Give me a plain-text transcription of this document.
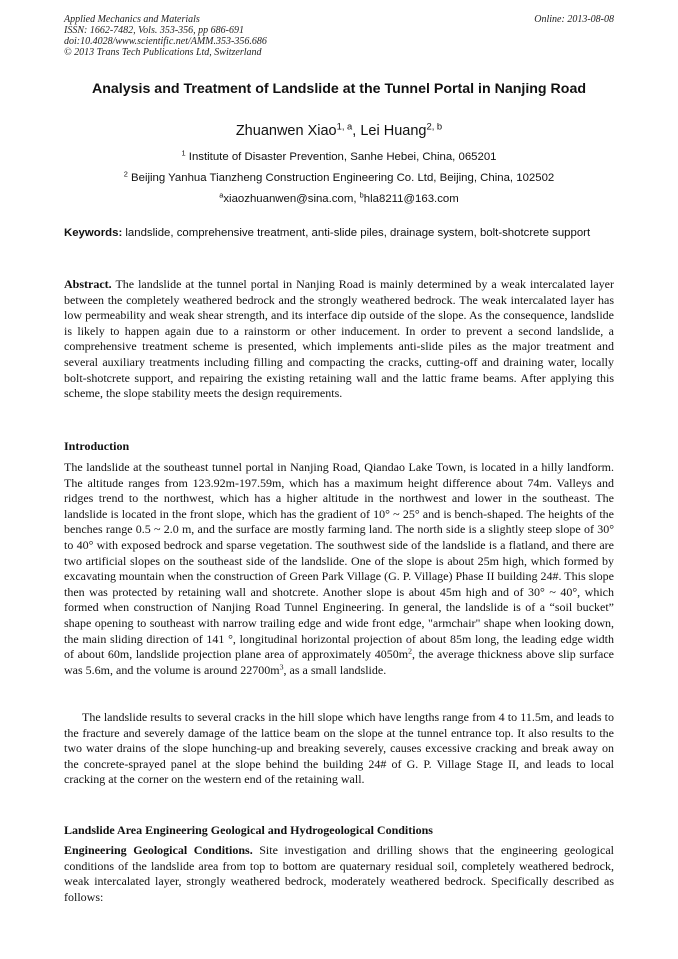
Applied Mechanics and Materials
ISSN: 1662-7482, Vols. 353-356, pp 686-691
doi:10.4028/www.scientific.net/AMM.353-356.686
© 2013 Trans Tech Publications Ltd, Switzerland
Online: 2013-08-08
Analysis and Treatment of Landslide at the Tunnel Portal in Nanjing Road
Zhuanwen Xiao$^{1, a}$, Lei Huang$^{2, b}$
$^1$ Institute of Disaster Prevention, Sanhe Hebei, China, 065201
$^2$ Beijing Yanhua Tianzheng Construction Engineering Co. Ltd, Beijing, China, 102502
$^a$xiaozhuanwen@sina.com, $^b$hla8211@163.com
Keywords: landslide, comprehensive treatment, anti-slide piles, drainage system, bolt-shotcrete support
Abstract. The landslide at the tunnel portal in Nanjing Road is mainly determined by a weak intercalated layer between the completely weathered bedrock and the strongly weathered bedrock. The weak intercalated layer has low permeability and weak shear strength, and its interface dip outside of the slope. As the consequence, landslide is likely to happen again due to a rainstorm or other inducement. In order to prevent a second landslide, a comprehensive treatment scheme is presented, which implements anti-slide piles as the major treatment and several auxiliary treatments including filling and compacting the cracks, cutting-off and draining water, locally bolt-shotcrete support, and repairing the existing retaining wall and the lattic frame beams. After applying this scheme, the slope stability meets the design requirements.
Introduction
The landslide at the southeast tunnel portal in Nanjing Road, Qiandao Lake Town, is located in a hilly landform. The altitude ranges from 123.92m-197.59m, which has a maximum height difference about 74m. Valleys and ridges trend to the northwest, which has a higher altitude in the northwest and lower in the southeast. The landslide is located in the front slope, which has the gradient of 10° ~ 25° and is bench-shaped. The heights of the benches range 0.5 ~ 2.0 m, and the surface are mostly farming land. The north side is a slightly steep slope of 30° to 40° with exposed bedrock and sparse vegetation. The southwest side of the landslide is a flatland, and there are two artificial slopes on the southeast side of the landslide. One of the slope is about 25m high, which formed by excavating mountain when the construction of Green Park Village (G. P. Village) Phase II building 24#. This slope then was protected by retaining wall and shotcrete. Another slope is about 45m high and of 30° ~ 40°, which formed when construction of Nanjing Road Tunnel Engineering. In general, the landslide is of a “soil bucket” shape opening to southeast with narrow trailing edge and wide front edge, "armchair" shape when looking down, the main sliding direction of 141 °, longitudinal horizontal projection of about 85m long, the leading edge width of about 60m, landslide projection plane area of approximately $4050m^2$, the average thickness above slip surface was 5.6m, and the volume is around $22700m^3$, as a small landslide.
The landslide results to several cracks in the hill slope which have lengths range from 4 to 11.5m, and leads to the fracture and severely damage of the lattice beam on the slope at the tunnel entrance top. It also results to the two water drains of the slope hunching-up and breaking severely, causes excessive cracking and break away on the concrete-sprayed panel at the slope behind the building 24# of G. P. Village Stage II, and leads to local cracking at the corner on the western end of the retaining wall.
Landslide Area Engineering Geological and Hydrogeological Conditions
Engineering Geological Conditions. Site investigation and drilling shows that the engineering geological conditions of the landslide area from top to bottom are quaternary residual soil, completely weathered bedrock, weak intercalated layer, strongly weathered bedrock, moderately weathered bedrock. Specifically described as follows:
